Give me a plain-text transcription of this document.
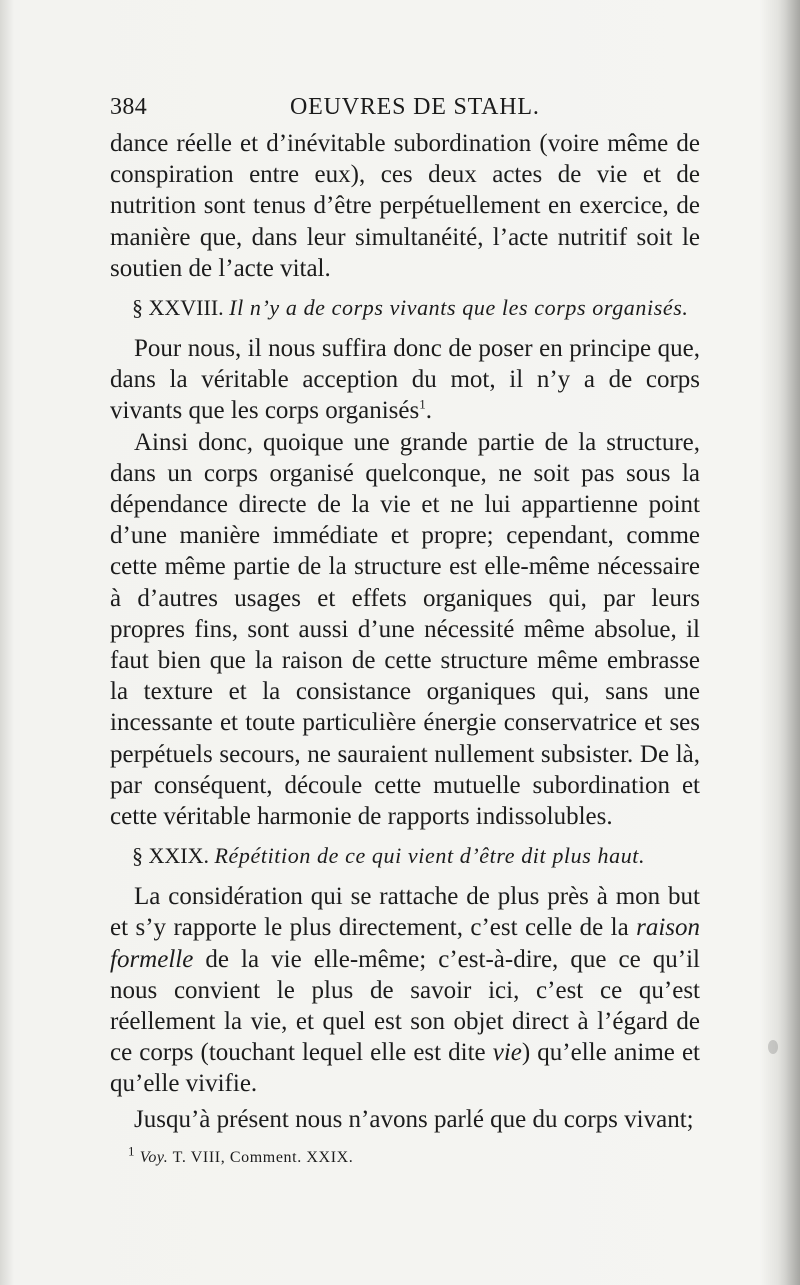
384	OEUVRES DE STAHL.

dance réelle et d’inévitable subordination (voire même de conspiration entre eux), ces deux actes de vie et de nutrition sont tenus d’être perpétuellement en exercice, de manière que, dans leur simultanéité, l’acte nutritif soit le soutien de l’acte vital.

§ XXVIII. Il n’y a de corps vivants que les corps organisés.

Pour nous, il nous suffira donc de poser en principe que, dans la véritable acception du mot, il n’y a de corps vivants que les corps organisés$^1$.

Ainsi donc, quoique une grande partie de la structure, dans un corps organisé quelconque, ne soit pas sous la dépendance directe de la vie et ne lui appartienne point d’une manière immédiate et propre; cependant, comme cette même partie de la structure est elle-même nécessaire à d’autres usages et effets organiques qui, par leurs propres fins, sont aussi d’une nécessité même absolue, il faut bien que la raison de cette structure même embrasse la texture et la consistance organiques qui, sans une incessante et toute particulière énergie conservatrice et ses perpétuels secours, ne sauraient nullement subsister. De là, par conséquent, découle cette mutuelle subordination et cette véritable harmonie de rapports indissolubles.

§ XXIX. Répétition de ce qui vient d’être dit plus haut.

La considération qui se rattache de plus près à mon but et s’y rapporte le plus directement, c’est celle de la raison formelle de la vie elle-même; c’est-à-dire, que ce qu’il nous convient le plus de savoir ici, c’est ce qu’est réellement la vie, et quel est son objet direct à l’égard de ce corps (touchant lequel elle est dite vie) qu’elle anime et qu’elle vivifie.

Jusqu’à présent nous n’avons parlé que du corps vivant;

$^1$ Voy. T. VIII, Comment. XXIX.
